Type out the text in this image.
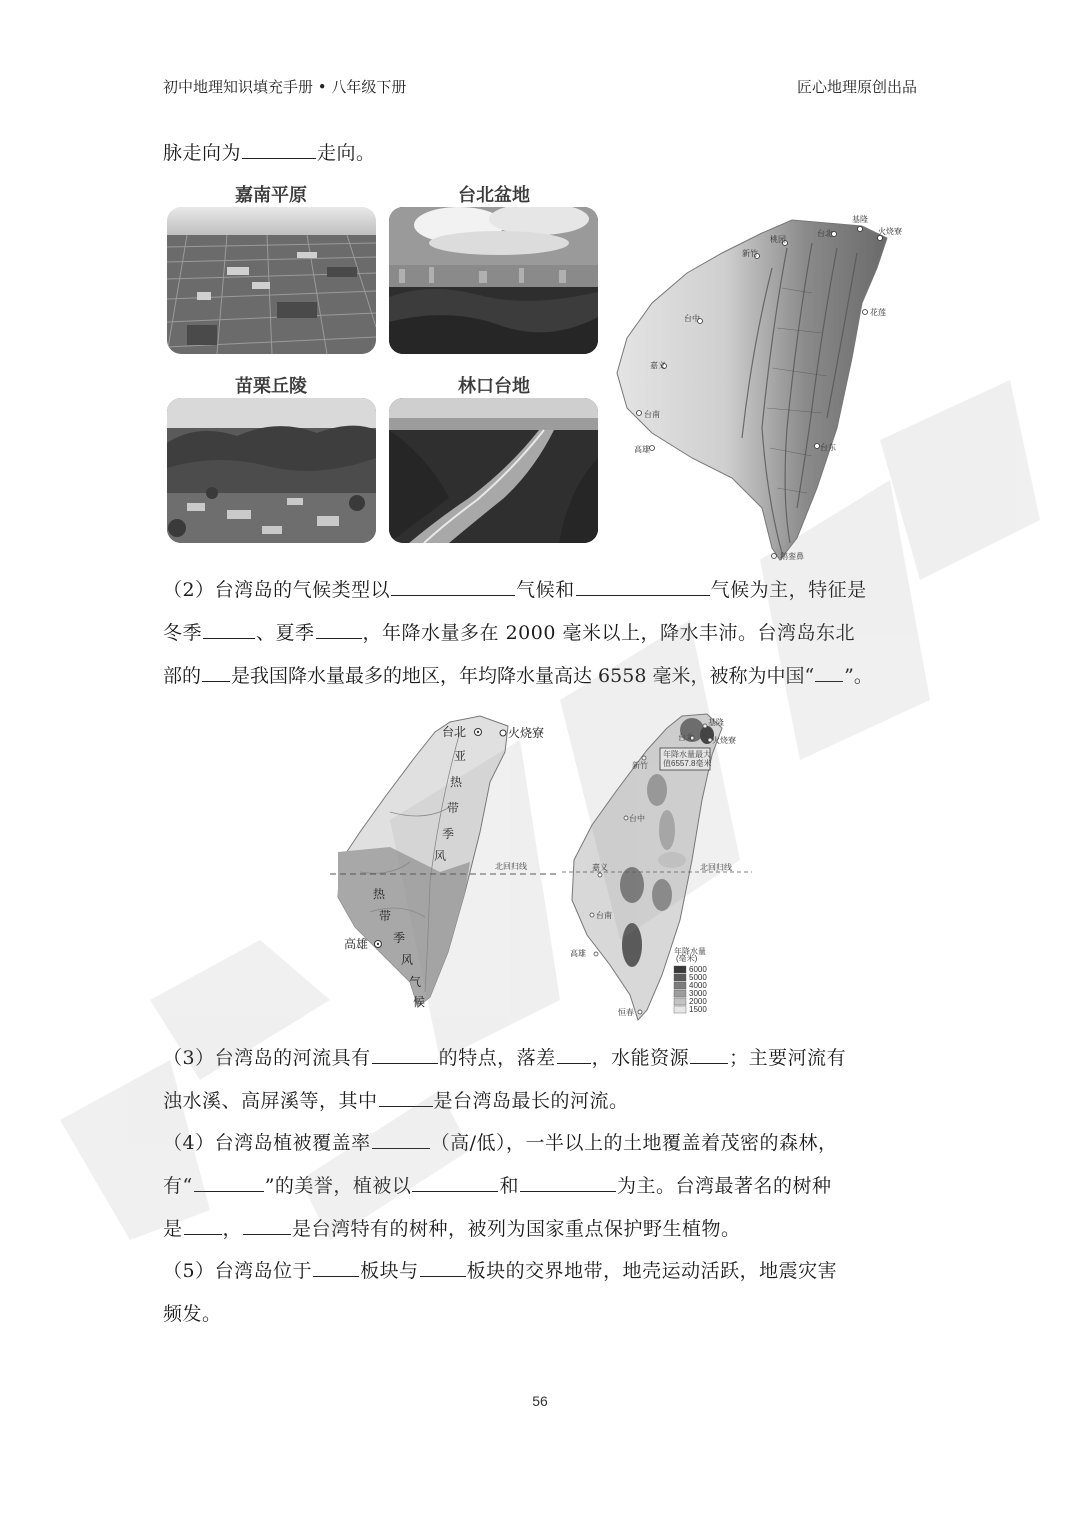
初中地理知识填充手册 • 八年级下册	匠心地理原创出品
脉走向为	走向。
嘉南平原	台北盆地
苗栗丘陵	林口台地
基隆
台北	火烧寮
桃园
新竹
台中
花莲
嘉义
台南
高雄	台东
鹅銮鼻
（2）台湾岛的气候类型以	气候和	气候为主，特征是
冬季	、夏季	，年降水量多在 2000 毫米以上，降水丰沛。台湾岛东北
部的 是我国降水量最多的地区，年均降水量高达 6558 毫米，被称为中国“ ”。
北回归线
台北	火烧寮
高雄
亚
热
带
季
风
热
带
季
风
气
候
北回归线
年降水量最大
值6557.8毫米
基隆
台北 火烧寮
新竹
台中
嘉义
台南
高雄
恒春
年降水量
(毫米)
6000
5000
4000
3000
2000
1500
（3）台湾岛的河流具有	的特点，落差 ，水能资源 ；主要河流有
浊水溪、高屏溪等，其中	是台湾岛最长的河流。
（4）台湾岛植被覆盖率	（高/低），一半以上的土地覆盖着茂密的森林，
有“	”的美誉，植被以	和	为主。台湾最著名的树种
是 ，	是台湾特有的树种，被列为国家重点保护野生植物。
（5）台湾岛位于	板块与	板块的交界地带，地壳运动活跃，地震灾害
频发。
56
